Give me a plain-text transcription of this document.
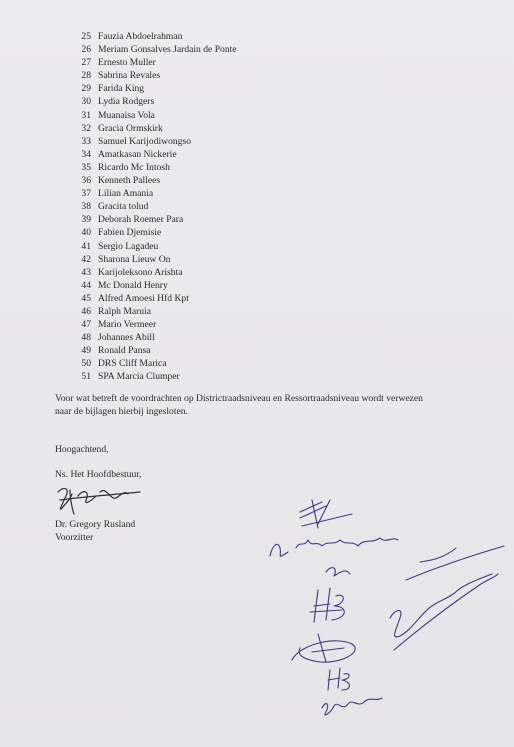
25 Fauzia Abdoelrahman
26 Meriam Gonsalves Jardain de Ponte
27 Ernesto Muller
28 Sabrina Revales
29 Farida King
30 Lydia Rodgers
31 Muanaisa Vola
32 Gracia Ormskirk
33 Samuel Karijodiwongso
34 Amatkasan Nickerie
35 Ricardo Mc Intosh
36 Kenneth Pallees
37 Lilian Amania
38 Gracita tolud
39 Deborah Roemer Para
40 Fabien Djemisie
41 Sergio Lagadeu
42 Sharona Lieuw On
43 Karijoleksono Arishta
44 Mc Donald Henry
45 Alfred Amoesi Hfd Kpt
46 Ralph Maruia
47 Mario Vermeer
48 Johannes Abill
49 Ronald Pansa
50 DRS Cliff Marica
51 SPA Marcia Clumper

Voor wat betreft de voordrachten op Districtraadsniveau en Ressortraadsniveau wordt verwezen

naar de bijlagen hierbij ingesloten.

Hoogachtend,
Ns. Het Hoofdbestuur,
Dr. Gregory Rusland
Voorzitter
